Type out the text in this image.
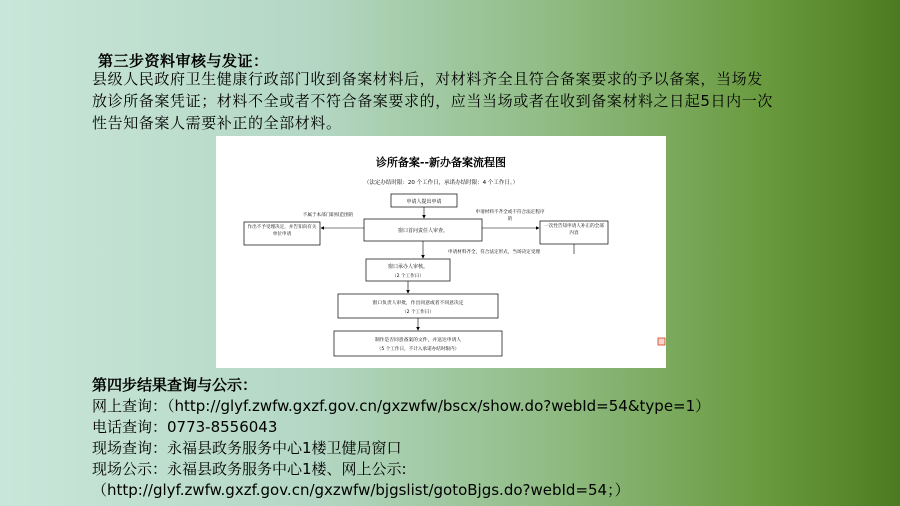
第三步资料审核与发证：
县级人民政府卫生健康行政部门收到备案材料后，对材料齐全且符合备案要求的予以备案，当场发
放诊所备案凭证；材料不全或者不符合备案要求的，应当当场或者在收到备案材料之日起5日内一次
性告知备案人需要补正的全部材料。
诊所备案--新办备案流程图
（法定办结时限：20 个工作日，承诺办结时限：4 个工作日。）
申请人提出申请
窗口首问责任人审查。
不属于本部门职权范围的
作出不予受理决定，并告知向有关单位申请
申请材料不齐全或不符合法定程序的
一次性告知申请人补正的全部内容
申请材料齐全，符合法定形式，当场决定受理
窗口承办人审核。
（2 个工作日）
窗口负责人审批，作出同意或者不同意决定
（2 个工作日）
制作是否同意备案的文件，并送达申请人
（5 个工作日，不计入承诺办结时限内）
第四步结果查询与公示：
网上查询：（http://glyf.zwfw.gxzf.gov.cn/gxzwfw/bscx/show.do?webId=54&type=1）
电话查询：0773-8556043
现场查询：永福县政务服务中心1楼卫健局窗口
现场公示：永福县政务服务中心1楼、网上公示:
（http://glyf.zwfw.gxzf.gov.cn/gxzwfw/bjgslist/gotoBjgs.do?webId=54；）
